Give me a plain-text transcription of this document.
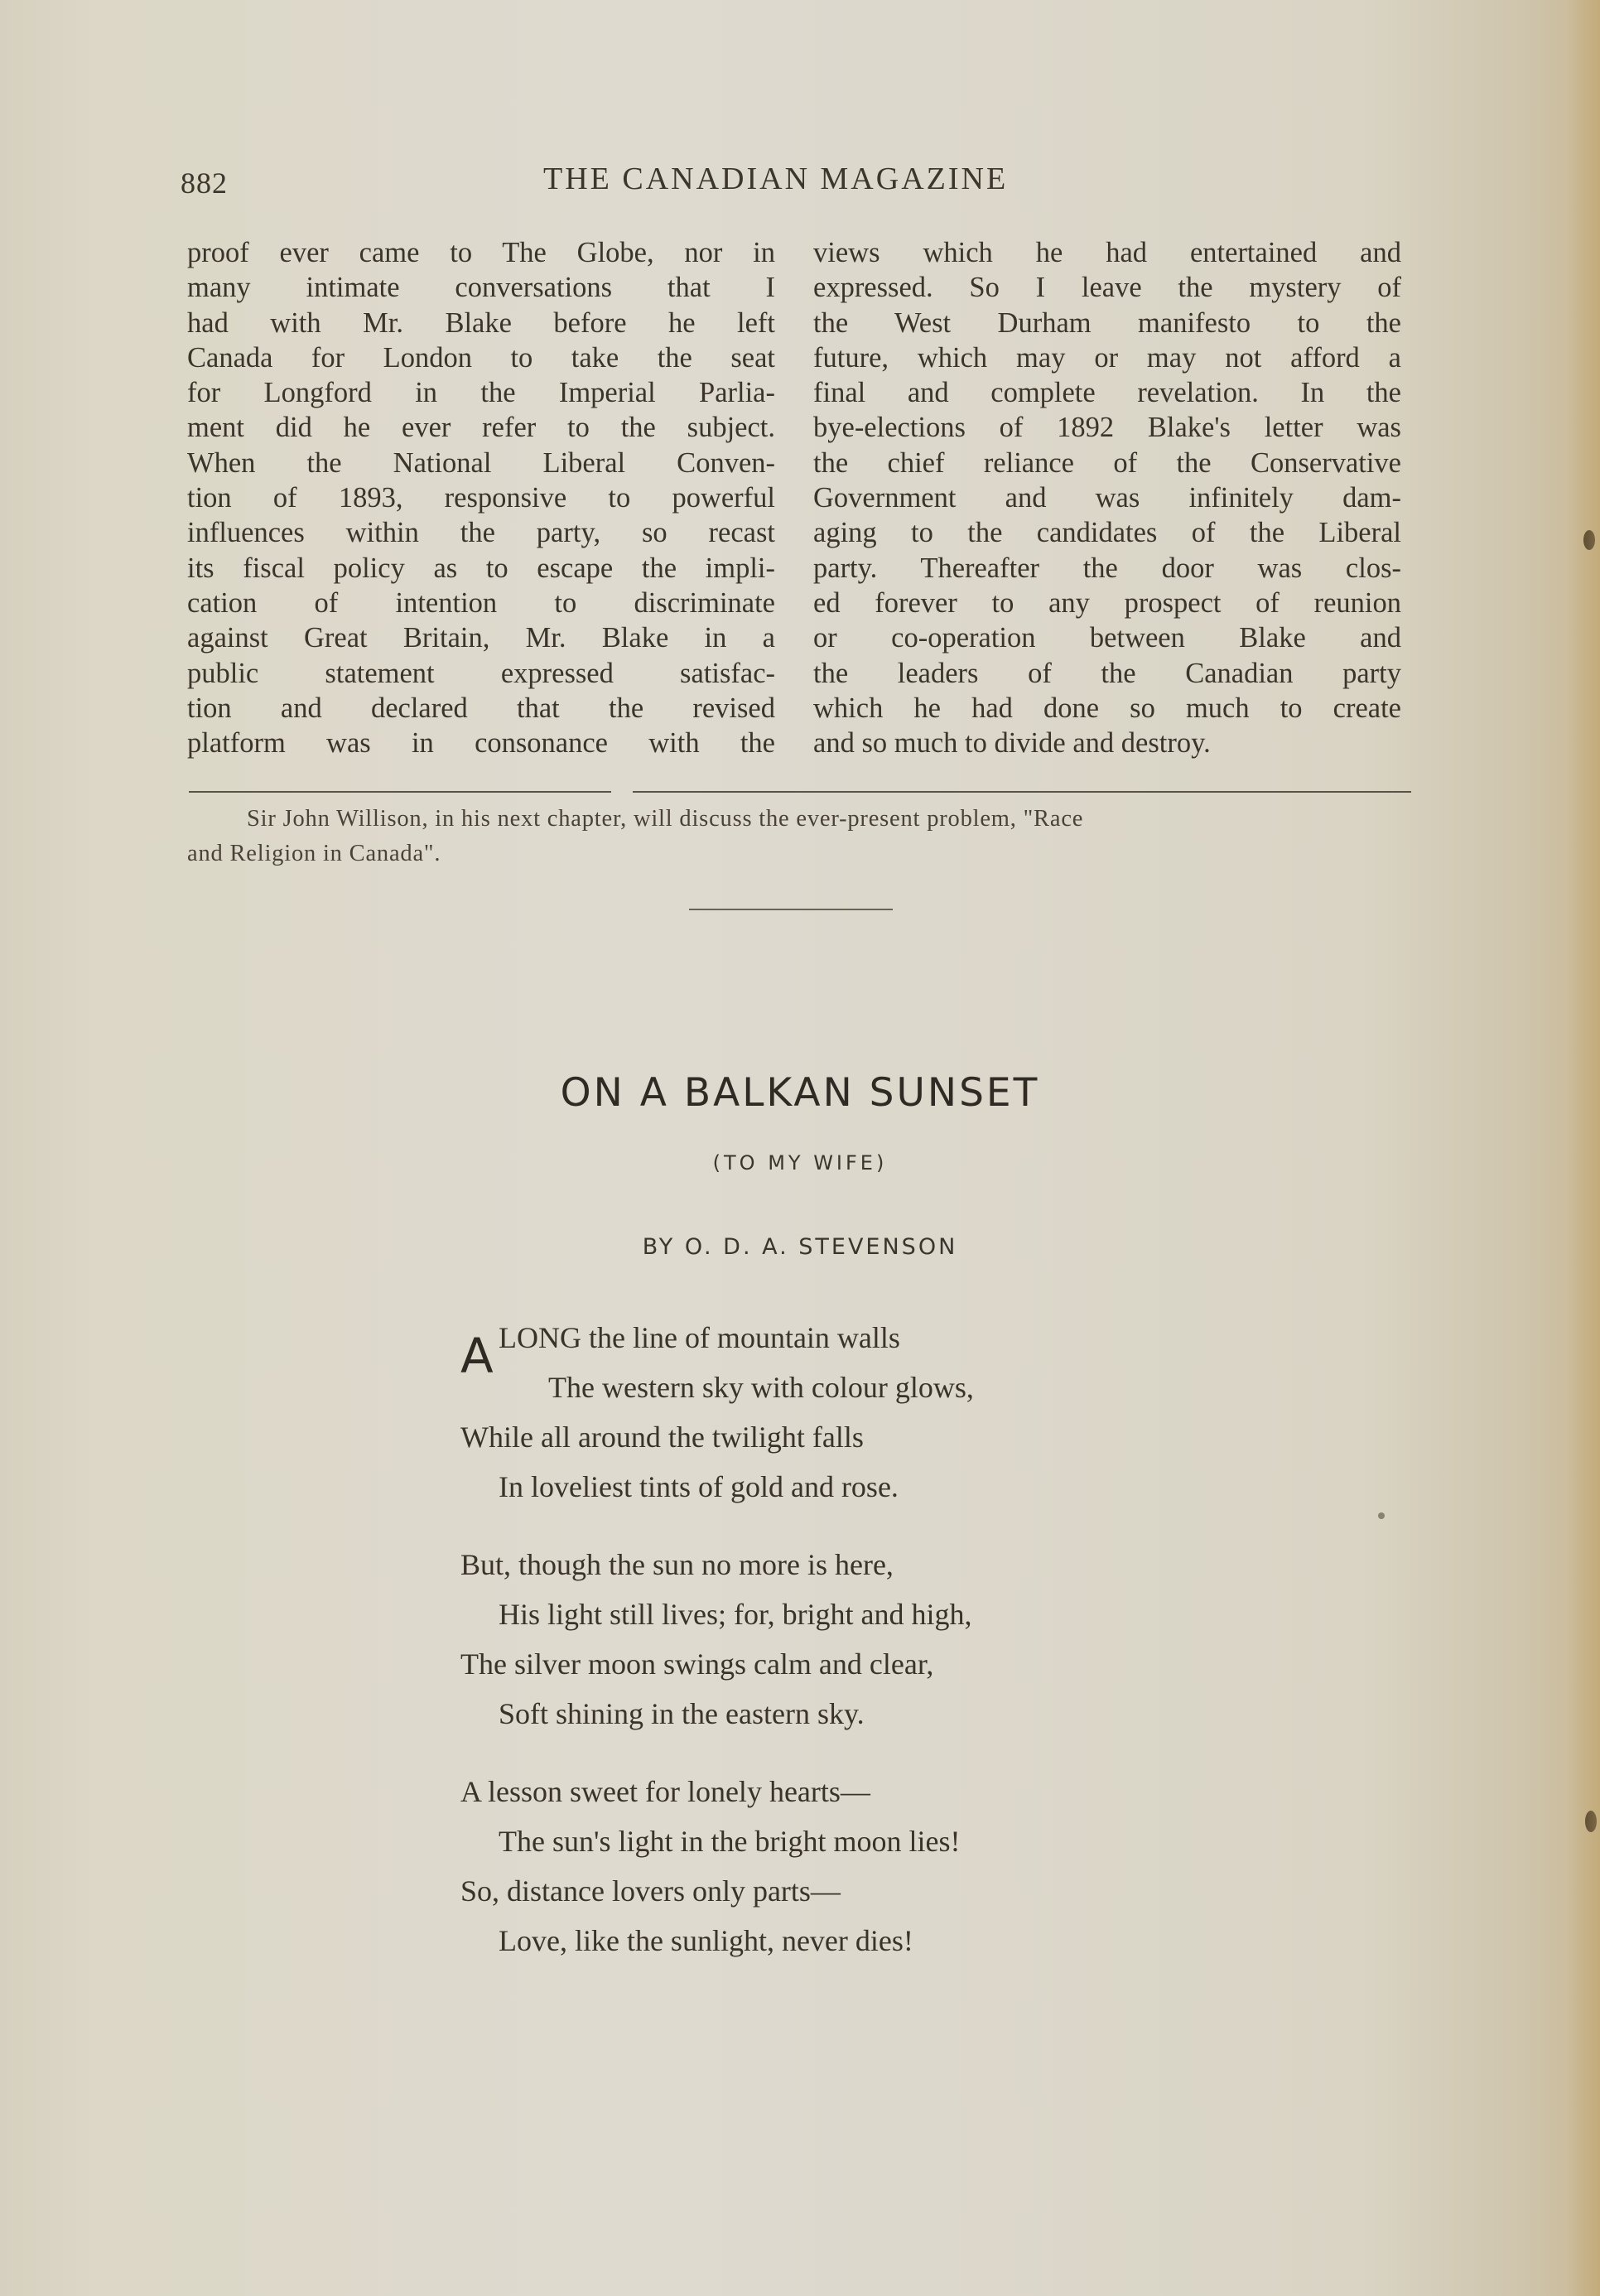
882	THE CANADIAN MAGAZINE
proof ever came to The Globe, nor in
many intimate conversations that I
had with Mr. Blake before he left
Canada for London to take the seat
for Longford in the Imperial Parlia-
ment did he ever refer to the subject.
When the National Liberal Conven-
tion of 1893, responsive to powerful
influences within the party, so recast
its fiscal policy as to escape the impli-
cation of intention to discriminate
against Great Britain, Mr. Blake in a
public statement expressed satisfac-
tion and declared that the revised
platform was in consonance with the
views which he had entertained and
expressed. So I leave the mystery of
the West Durham manifesto to the
future, which may or may not afford a
final and complete revelation. In the
bye-elections of 1892 Blake's letter was
the chief reliance of the Conservative
Government and was infinitely dam-
aging to the candidates of the Liberal
party. Thereafter the door was clos-
ed forever to any prospect of reunion
or co-operation between Blake and
the leaders of the Canadian party
which he had done so much to create
and so much to divide and destroy.
Sir John Willison, in his next chapter, will discuss the ever-present problem, "Race
and Religion in Canada".
ON A BALKAN SUNSET
(TO MY WIFE)
BY O. D. A. STEVENSON
A LONG the line of mountain walls
The western sky with colour glows,
While all around the twilight falls
In loveliest tints of gold and rose.
But, though the sun no more is here,
His light still lives; for, bright and high,
The silver moon swings calm and clear,
Soft shining in the eastern sky.
A lesson sweet for lonely hearts—
The sun's light in the bright moon lies!
So, distance lovers only parts—
Love, like the sunlight, never dies!
